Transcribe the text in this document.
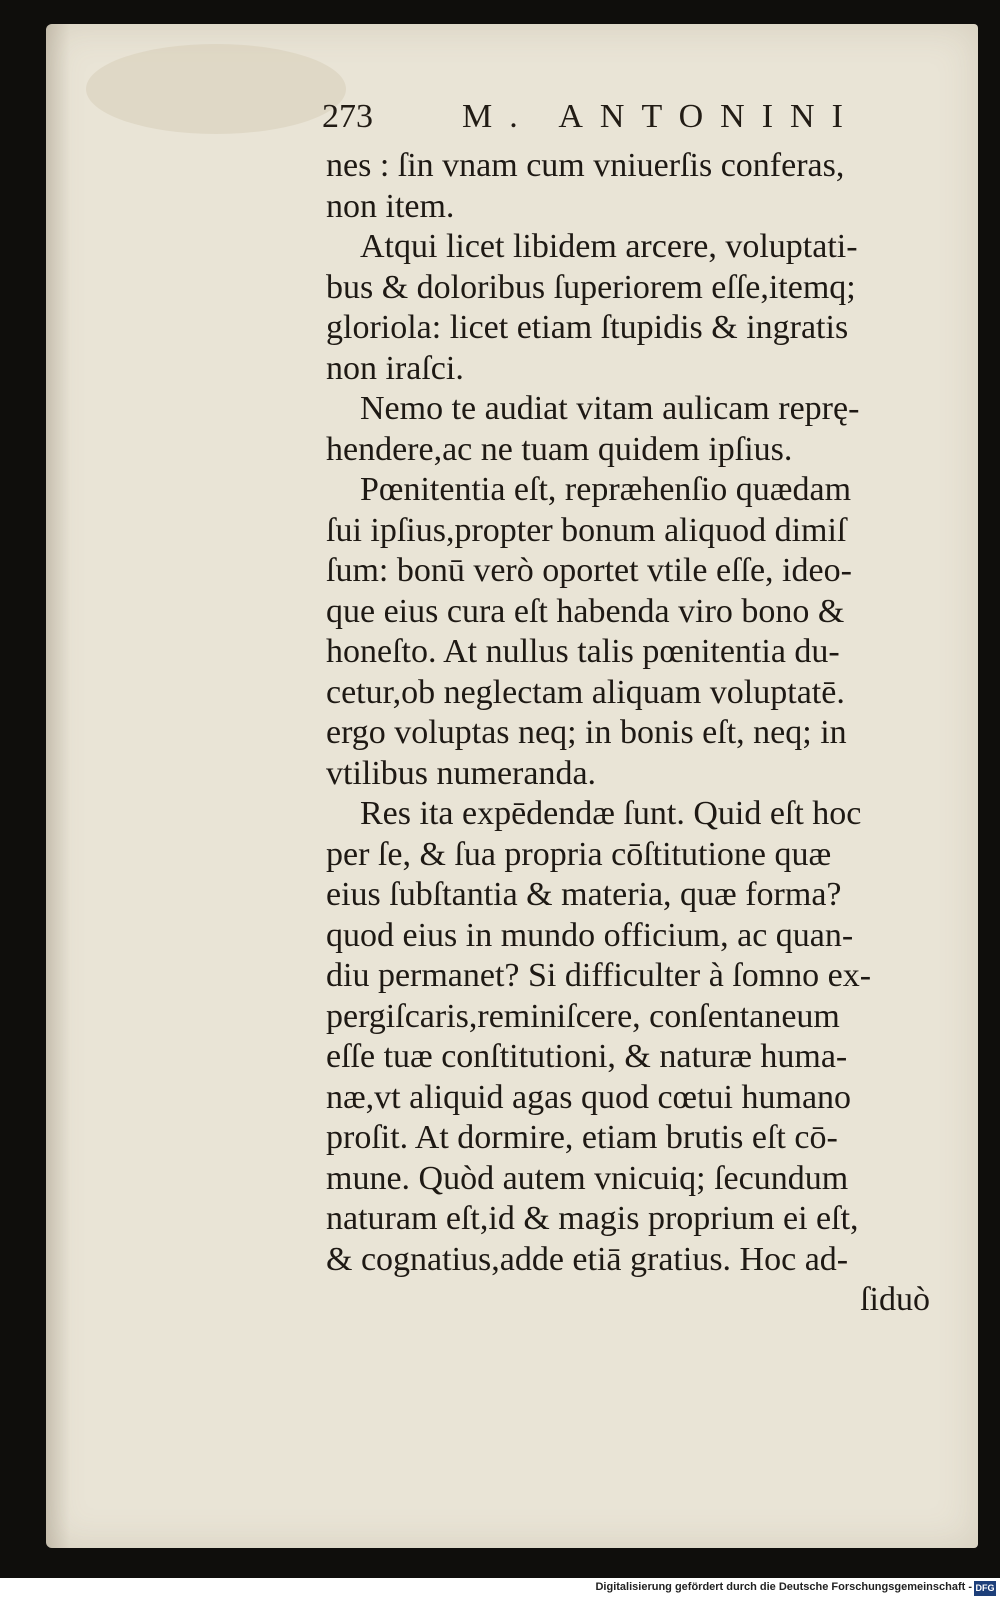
273	M. ANTONINI
nes : ſin vnam cum vniuerſis conferas,
non item.
Atqui licet libidem arcere, voluptati-
bus & doloribus ſuperiorem eſſe,itemq;
gloriola: licet etiam ſtupidis & ingratis
non iraſci.
Nemo te audiat vitam aulicam reprę-
hendere,ac ne tuam quidem ipſius.
Pœnitentia eſt, repræhenſio quædam
ſui ipſius,propter bonum aliquod dimiſ
ſum: bonū verò oportet vtile eſſe, ideo-
que eius cura eſt habenda viro bono &
honeſto. At nullus talis pœnitentia du-
cetur,ob neglectam aliquam voluptatē.
ergo voluptas neq; in bonis eſt, neq; in
vtilibus numeranda.
Res ita expēdendæ ſunt. Quid eſt hoc
per ſe, & ſua propria cōſtitutione quæ
eius ſubſtantia & materia, quæ forma?
quod eius in mundo officium, ac quan-
diu permanet? Si difficulter à ſomno ex-
pergiſcaris,reminiſcere, conſentaneum
eſſe tuæ conſtitutioni, & naturæ huma-
næ,vt aliquid agas quod cœtui humano
proſit. At dormire, etiam brutis eſt cō-
mune. Quòd autem vnicuiq; ſecundum
naturam eſt,id & magis proprium ei eſt,
& cognatius,adde etiā gratius. Hoc ad-
ſiduò
Digitalisierung gefördert durch die Deutsche Forschungsgemeinschaft - DFG
